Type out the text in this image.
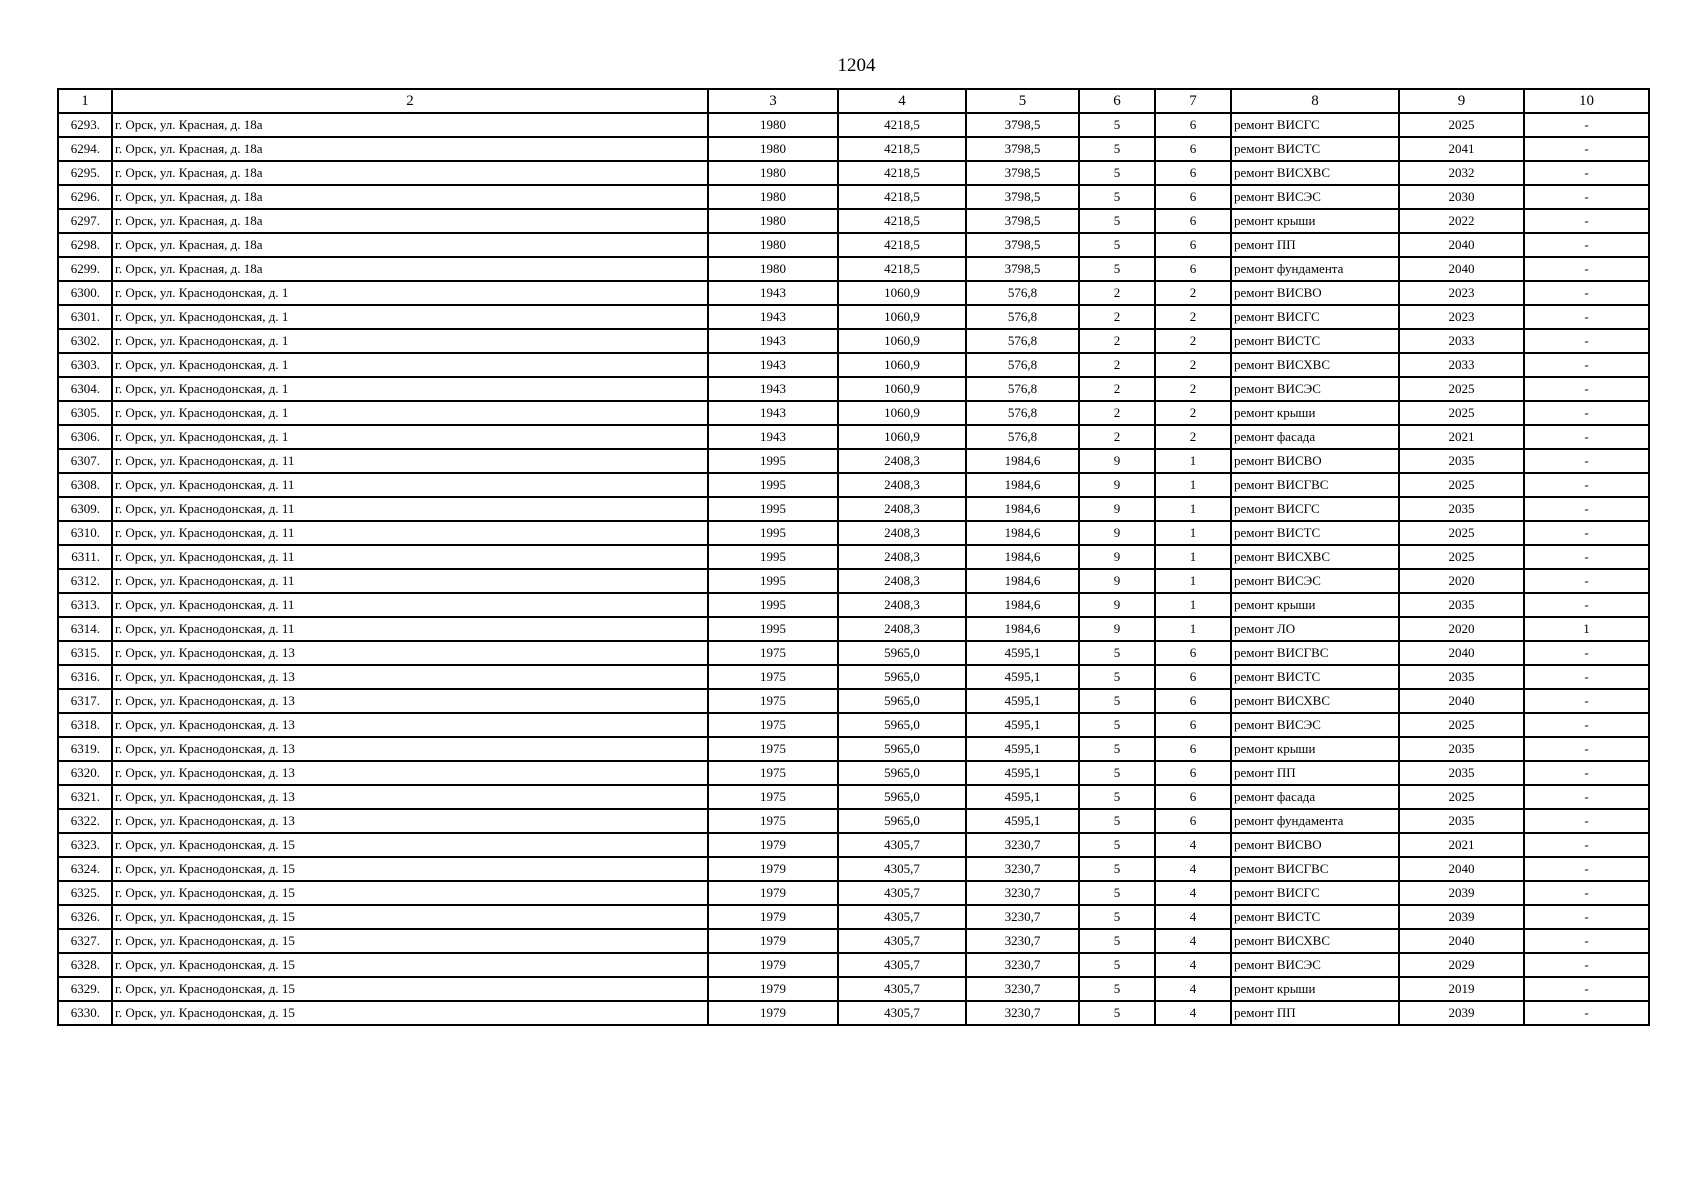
1204
1	2	3	4	5	6	7	8	9	10
6293.	г. Орск, ул. Красная, д. 18а	1980	4218,5	3798,5	5	6	ремонт ВИСГС	2025	-
6294.	г. Орск, ул. Красная, д. 18а	1980	4218,5	3798,5	5	6	ремонт ВИСТС	2041	-
6295.	г. Орск, ул. Красная, д. 18а	1980	4218,5	3798,5	5	6	ремонт ВИСХВС	2032	-
6296.	г. Орск, ул. Красная, д. 18а	1980	4218,5	3798,5	5	6	ремонт ВИСЭС	2030	-
6297.	г. Орск, ул. Красная, д. 18а	1980	4218,5	3798,5	5	6	ремонт крыши	2022	-
6298.	г. Орск, ул. Красная, д. 18а	1980	4218,5	3798,5	5	6	ремонт ПП	2040	-
6299.	г. Орск, ул. Красная, д. 18а	1980	4218,5	3798,5	5	6	ремонт фундамента	2040	-
6300.	г. Орск, ул. Краснодонская, д. 1	1943	1060,9	576,8	2	2	ремонт ВИСВО	2023	-
6301.	г. Орск, ул. Краснодонская, д. 1	1943	1060,9	576,8	2	2	ремонт ВИСГС	2023	-
6302.	г. Орск, ул. Краснодонская, д. 1	1943	1060,9	576,8	2	2	ремонт ВИСТС	2033	-
6303.	г. Орск, ул. Краснодонская, д. 1	1943	1060,9	576,8	2	2	ремонт ВИСХВС	2033	-
6304.	г. Орск, ул. Краснодонская, д. 1	1943	1060,9	576,8	2	2	ремонт ВИСЭС	2025	-
6305.	г. Орск, ул. Краснодонская, д. 1	1943	1060,9	576,8	2	2	ремонт крыши	2025	-
6306.	г. Орск, ул. Краснодонская, д. 1	1943	1060,9	576,8	2	2	ремонт фасада	2021	-
6307.	г. Орск, ул. Краснодонская, д. 11	1995	2408,3	1984,6	9	1	ремонт ВИСВО	2035	-
6308.	г. Орск, ул. Краснодонская, д. 11	1995	2408,3	1984,6	9	1	ремонт ВИСГВС	2025	-
6309.	г. Орск, ул. Краснодонская, д. 11	1995	2408,3	1984,6	9	1	ремонт ВИСГС	2035	-
6310.	г. Орск, ул. Краснодонская, д. 11	1995	2408,3	1984,6	9	1	ремонт ВИСТС	2025	-
6311.	г. Орск, ул. Краснодонская, д. 11	1995	2408,3	1984,6	9	1	ремонт ВИСХВС	2025	-
6312.	г. Орск, ул. Краснодонская, д. 11	1995	2408,3	1984,6	9	1	ремонт ВИСЭС	2020	-
6313.	г. Орск, ул. Краснодонская, д. 11	1995	2408,3	1984,6	9	1	ремонт крыши	2035	-
6314.	г. Орск, ул. Краснодонская, д. 11	1995	2408,3	1984,6	9	1	ремонт ЛО	2020	1
6315.	г. Орск, ул. Краснодонская, д. 13	1975	5965,0	4595,1	5	6	ремонт ВИСГВС	2040	-
6316.	г. Орск, ул. Краснодонская, д. 13	1975	5965,0	4595,1	5	6	ремонт ВИСТС	2035	-
6317.	г. Орск, ул. Краснодонская, д. 13	1975	5965,0	4595,1	5	6	ремонт ВИСХВС	2040	-
6318.	г. Орск, ул. Краснодонская, д. 13	1975	5965,0	4595,1	5	6	ремонт ВИСЭС	2025	-
6319.	г. Орск, ул. Краснодонская, д. 13	1975	5965,0	4595,1	5	6	ремонт крыши	2035	-
6320.	г. Орск, ул. Краснодонская, д. 13	1975	5965,0	4595,1	5	6	ремонт ПП	2035	-
6321.	г. Орск, ул. Краснодонская, д. 13	1975	5965,0	4595,1	5	6	ремонт фасада	2025	-
6322.	г. Орск, ул. Краснодонская, д. 13	1975	5965,0	4595,1	5	6	ремонт фундамента	2035	-
6323.	г. Орск, ул. Краснодонская, д. 15	1979	4305,7	3230,7	5	4	ремонт ВИСВО	2021	-
6324.	г. Орск, ул. Краснодонская, д. 15	1979	4305,7	3230,7	5	4	ремонт ВИСГВС	2040	-
6325.	г. Орск, ул. Краснодонская, д. 15	1979	4305,7	3230,7	5	4	ремонт ВИСГС	2039	-
6326.	г. Орск, ул. Краснодонская, д. 15	1979	4305,7	3230,7	5	4	ремонт ВИСТС	2039	-
6327.	г. Орск, ул. Краснодонская, д. 15	1979	4305,7	3230,7	5	4	ремонт ВИСХВС	2040	-
6328.	г. Орск, ул. Краснодонская, д. 15	1979	4305,7	3230,7	5	4	ремонт ВИСЭС	2029	-
6329.	г. Орск, ул. Краснодонская, д. 15	1979	4305,7	3230,7	5	4	ремонт крыши	2019	-
6330.	г. Орск, ул. Краснодонская, д. 15	1979	4305,7	3230,7	5	4	ремонт ПП	2039	-
